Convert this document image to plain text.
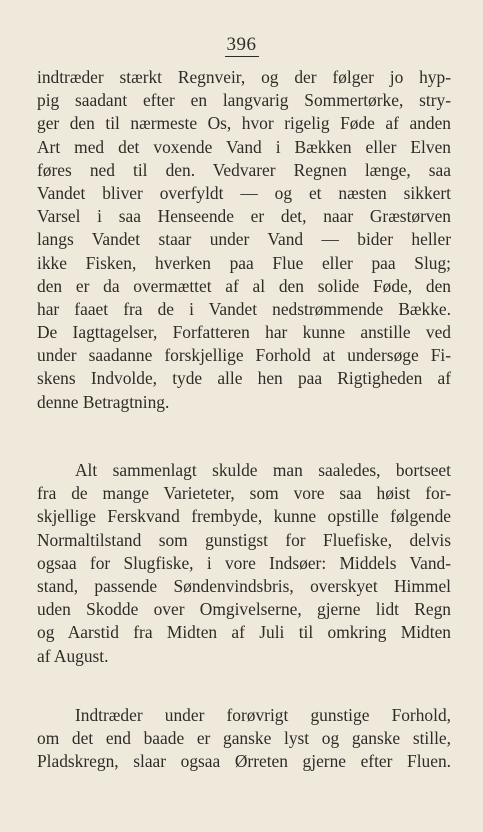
396
indtræder stærkt Regnveir, og der følger jo hyp-
pig saadant efter en langvarig Sommertørke, stry-
ger den til nærmeste Os, hvor rigelig Føde af anden
Art med det voxende Vand i Bækken eller Elven
føres ned til den. Vedvarer Regnen længe, saa
Vandet bliver overfyldt — og et næsten sikkert
Varsel i saa Henseende er det, naar Græstørven
langs Vandet staar under Vand — bider heller
ikke Fisken, hverken paa Flue eller paa Slug;
den er da overmættet af al den solide Føde, den
har faaet fra de i Vandet nedstrømmende Bække.
De Iagttagelser, Forfatteren har kunne anstille ved
under saadanne forskjellige Forhold at undersøge Fi-
skens Indvolde, tyde alle hen paa Rigtigheden af
denne Betragtning.
Alt sammenlagt skulde man saaledes, bortseet
fra de mange Varieteter, som vore saa høist for-
skjellige Ferskvand frembyde, kunne opstille følgende
Normaltilstand som gunstigst for Fluefiske, delvis
ogsaa for Slugfiske, i vore Indsøer: Middels Vand-
stand, passende Søndenvindsbris, overskyet Himmel
uden Skodde over Omgivelserne, gjerne lidt Regn
og Aarstid fra Midten af Juli til omkring Midten
af August.
Indtræder under forøvrigt gunstige Forhold,
om det end baade er ganske lyst og ganske stille,
Pladskregn, slaar ogsaa Ørreten gjerne efter Fluen.
